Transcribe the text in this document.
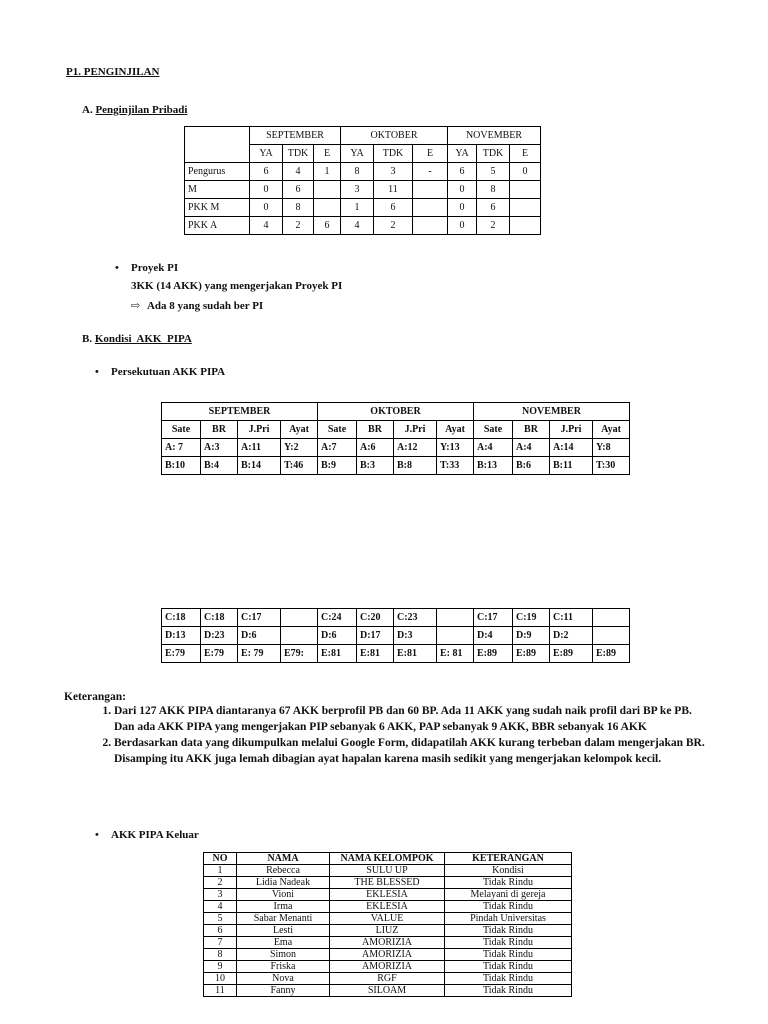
P1. PENGINJILAN
A. Penginjilan Pribadi
	SEPTEMBER			OKTOBER			NOVEMBER		
	YA	TDK	E	YA	TDK	E	YA	TDK	E
Pengurus	6	4	1	8	3	-	6	5	0
M	0	6		3	11		0	8	
PKK M	0	8		1	6		0	6	
PKK A	4	2	6	4	2		0	2	
• Proyek PI
3KK (14 AKK) yang mengerjakan Proyek PI
⇨ Ada 8 yang sudah ber PI
B. Kondisi  AKK  PIPA
• Persekutuan AKK PIPA
SEPTEMBER				OKTOBER				NOVEMBER			
Sate	BR	J.Pri	Ayat	Sate	BR	J.Pri	Ayat	Sate	BR	J.Pri	Ayat
A: 7	A:3	A:11	Y:2	A:7	A:6	A:12	Y:13	A:4	A:4	A:14	Y:8
B:10	B:4	B:14	T:46	B:9	B:3	B:8	T:33	B:13	B:6	B:11	T:30
C:18	C:18	C:17		C:24	C:20	C:23		C:17	C:19	C:11	
D:13	D:23	D:6		D:6	D:17	D:3		D:4	D:9	D:2	
E:79	E:79	E: 79	E79:	E:81	E:81	E:81	E: 81	E:89	E:89	E:89	E:89
Keterangan:
1. Dari 127 AKK PIPA diantaranya 67 AKK berprofil PB dan 60 BP. Ada 11 AKK yang sudah naik profil dari BP ke PB. Dan ada AKK PIPA yang mengerjakan PIP sebanyak 6 AKK, PAP sebanyak 9 AKK, BBR sebanyak 16 AKK
2. Berdasarkan data yang dikumpulkan melalui Google Form, didapatilah AKK kurang terbeban dalam mengerjakan BR. Disamping itu AKK juga lemah dibagian ayat hapalan karena masih sedikit yang mengerjakan kelompok kecil.
• AKK PIPA Keluar
NO	NAMA	NAMA KELOMPOK	KETERANGAN
1	Rebecca	SULU UP	Kondisi
2	Lidia Nadeak	THE BLESSED	Tidak Rindu
3	Vioni	EKLESIA	Melayani di gereja
4	Irma	EKLESIA	Tidak Rindu
5	Sabar Menanti	VALUE	Pindah Universitas
6	Lesti	LIUZ	Tidak Rindu
7	Ema	AMORIZIA	Tidak Rindu
8	Simon	AMORIZIA	Tidak Rindu
9	Friska	AMORIZIA	Tidak Rindu
10	Nova	RGF	Tidak Rindu
11	Fanny	SILOAM	Tidak Rindu
